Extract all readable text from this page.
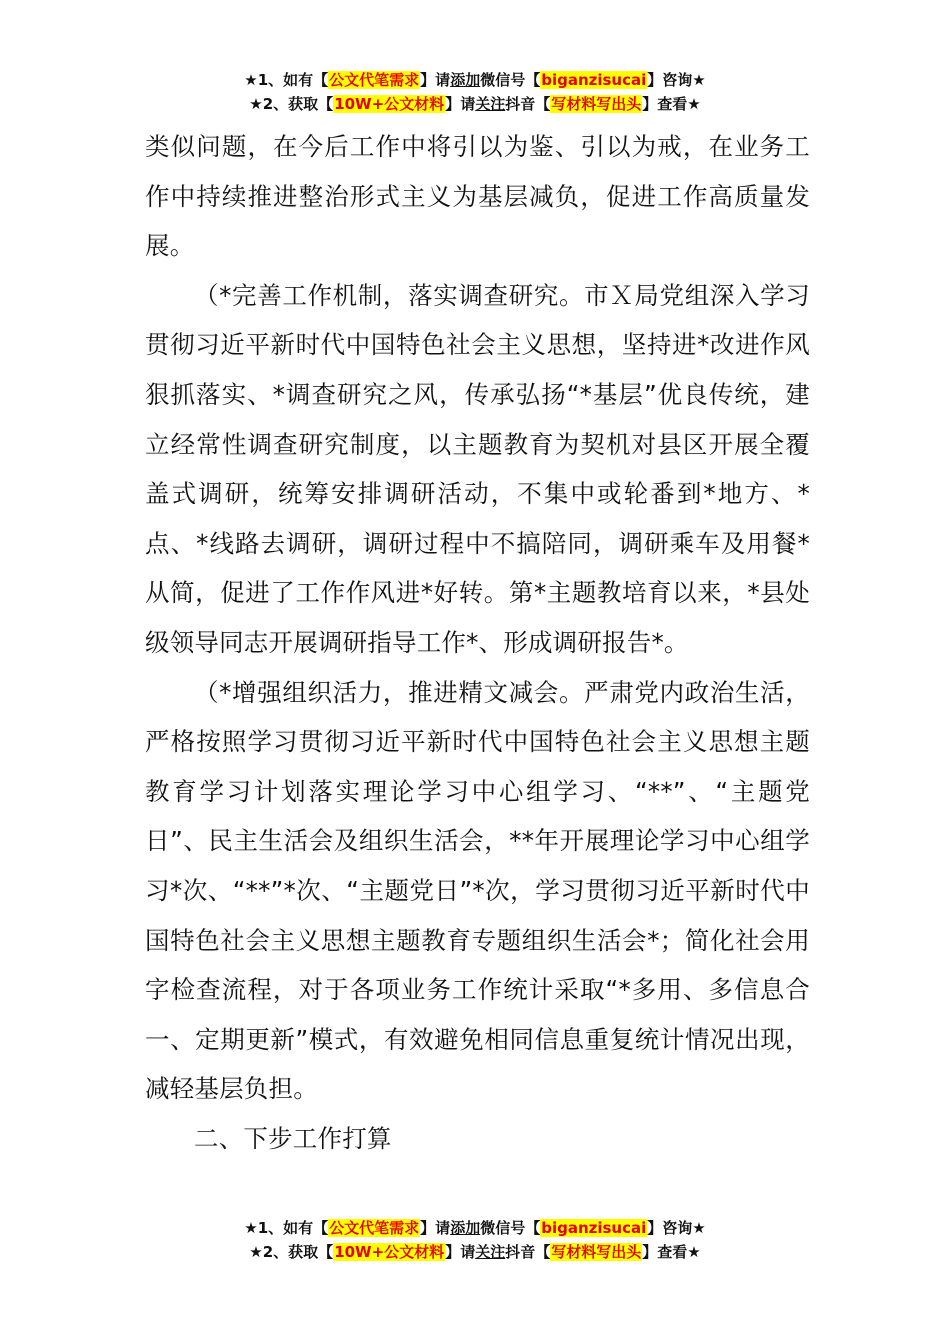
★1、如有【公文代笔需求】请添加微信号【biganzisucai】咨询★
★2、获取【10W+公文材料】请关注抖音【写材料写出头】查看★

类似问题，在今后工作中将引以为鉴、引以为戒，在业务工作中持续推进整治形式主义为基层减负，促进工作高质量发展。

（*完善工作机制，落实调查研究。市Ｘ局党组深入学习贯彻习近平新时代中国特色社会主义思想，坚持进*改进作风狠抓落实、*调查研究之风，传承弘扬“*基层”优良传统，建立经常性调查研究制度，以主题教育为契机对县区开展全覆盖式调研，统筹安排调研活动，不集中或轮番到*地方、*点、*线路去调研，调研过程中不搞陪同，调研乘车及用餐*从简，促进了工作作风进*好转。第*主题教培育以来，*县处级领导同志开展调研指导工作*、形成调研报告*。

（*增强组织活力，推进精文减会。严肃党内政治生活，严格按照学习贯彻习近平新时代中国特色社会主义思想主题教育学习计划落实理论学习中心组学习、“**”、“主题党日”、民主生活会及组织生活会，**年开展理论学习中心组学习*次、“**”*次、“主题党日”*次，学习贯彻习近平新时代中国特色社会主义思想主题教育专题组织生活会*；简化社会用字检查流程，对于各项业务工作统计采取“*多用、多信息合一、定期更新”模式，有效避免相同信息重复统计情况出现，减轻基层负担。

二、下步工作打算

★1、如有【公文代笔需求】请添加微信号【biganzisucai】咨询★
★2、获取【10W+公文材料】请关注抖音【写材料写出头】查看★
